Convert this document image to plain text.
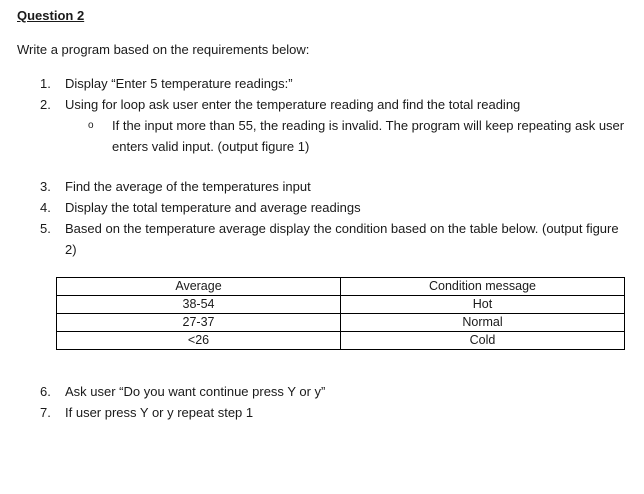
Question 2
Write a program based on the requirements below:
1. Display “Enter 5 temperature readings:”
2. Using for loop ask user enter the temperature reading and find the total reading
o If the input more than 55, the reading is invalid. The program will keep repeating ask user enters valid input. (output figure 1)
3. Find the average of the temperatures input
4. Display the total temperature and average readings
5. Based on the temperature average display the condition based on the table below. (output figure 2)
Average	Condition message
38-54	Hot
27-37	Normal
<26	Cold
6. Ask user “Do you want continue press Y or y”
7. If user press Y or y repeat step 1
